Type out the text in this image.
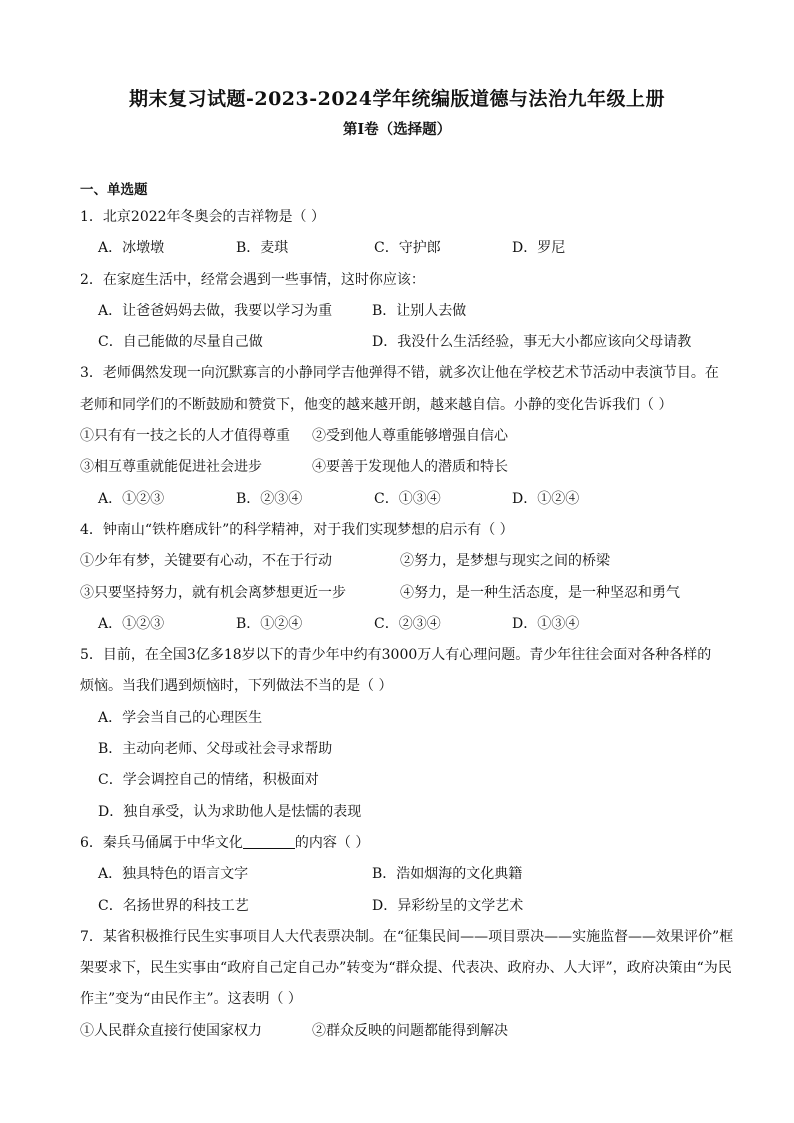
期末复习试题-2023-2024学年统编版道德与法治九年级上册
第Ⅰ卷（选择题）
一、单选题
1．北京2022年冬奥会的吉祥物是（ ）
A．冰墩墩	B．麦琪	C．守护郎	D．罗尼
2．在家庭生活中，经常会遇到一些事情，这时你应该：
A．让爸爸妈妈去做，我要以学习为重	B．让别人去做
C．自己能做的尽量自己做	D．我没什么生活经验，事无大小都应该向父母请教
3．老师偶然发现一向沉默寡言的小静同学吉他弹得不错，就多次让他在学校艺术节活动中表演节目。在
老师和同学们的不断鼓励和赞赏下，他变的越来越开朗，越来越自信。小静的变化告诉我们（ ）
①只有有一技之长的人才值得尊重	②受到他人尊重能够增强自信心
③相互尊重就能促进社会进步	④要善于发现他人的潜质和特长
A．①②③	B．②③④	C．①③④	D．①②④
4．钟南山“铁杵磨成针”的科学精神，对于我们实现梦想的启示有（ ）
①少年有梦，关键要有心动，不在于行动	②努力，是梦想与现实之间的桥梁
③只要坚持努力，就有机会离梦想更近一步	④努力，是一种生活态度，是一种坚忍和勇气
A．①②③	B．①②④	C．②③④	D．①③④
5．目前，在全国3亿多18岁以下的青少年中约有3000万人有心理问题。青少年往往会面对各种各样的
烦恼。当我们遇到烦恼时，下列做法不当的是（ ）
A．学会当自己的心理医生
B．主动向老师、父母或社会寻求帮助
C．学会调控自己的情绪，积极面对
D．独自承受，认为求助他人是怯懦的表现
6．秦兵马俑属于中华文化	的内容（ ）
A．独具特色的语言文字	B．浩如烟海的文化典籍
C．名扬世界的科技工艺	D．异彩纷呈的文学艺术
7．某省积极推行民生实事项目人大代表票决制。在“征集民间——项目票决——实施监督——效果评价”框
架要求下，民生实事由“政府自己定自己办”转变为“群众提、代表决、政府办、人大评”，政府决策由“为民
作主”变为“由民作主”。这表明（ ）
①人民群众直接行使国家权力	②群众反映的问题都能得到解决
